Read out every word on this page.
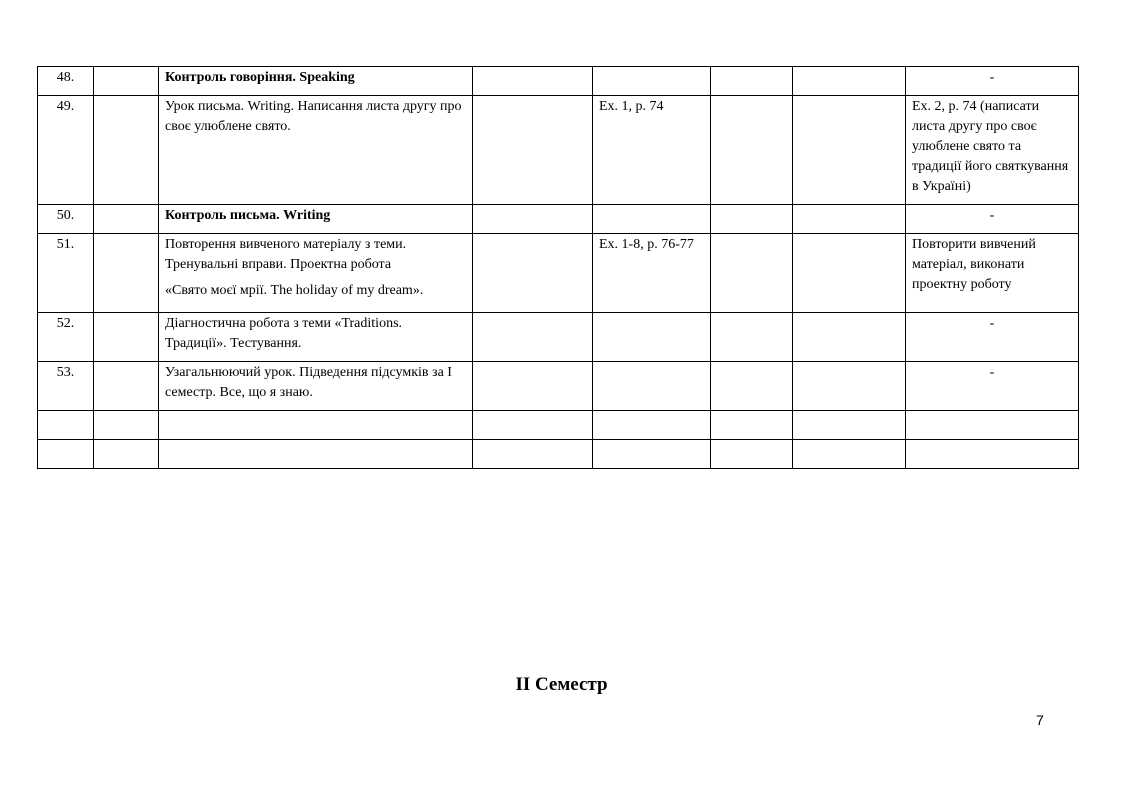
48.		Контроль говоріння. Speaking					-
49.		Урок письма. Writing. Написання листа другу про своє улюблене свято.		Ex. 1, p. 74			Ex. 2, p. 74 (написати листа другу про своє улюблене свято та традиції його святкування в Україні)
50.		Контроль письма. Writing					-
51.		Повторення вивченого матеріалу з теми. Тренувальні вправи. Проектна робота
«Свято моєї мрії. The holiday of my dream».		Ex. 1-8, p. 76-77			Повторити вивчений матеріал, виконати проектну роботу
52.		Діагностична робота з теми «Traditions. Традиції». Тестування.					-
53.		Узагальнюючий урок. Підведення підсумків за I семестр. Все, що я знаю.					-

II Семестр
7
